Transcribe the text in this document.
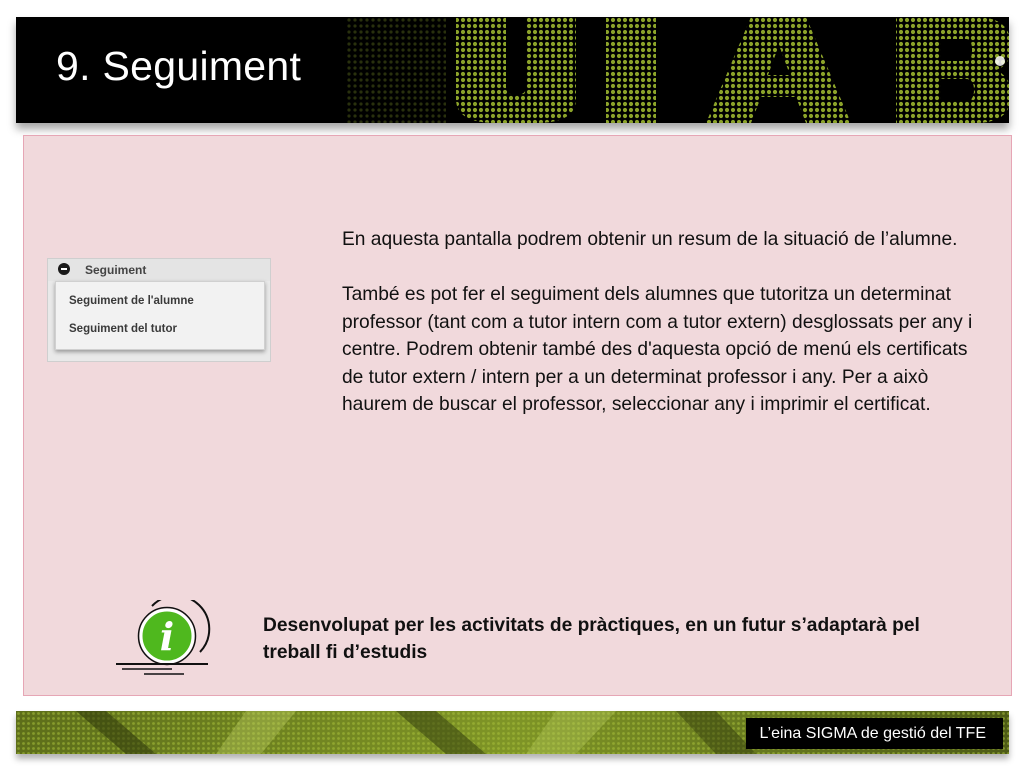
9. Seguiment
Seguiment
Seguiment de l'alumne
Seguiment del tutor

En aquesta pantalla podrem obtenir un resum de la situació de l’alumne.

També es pot fer el seguiment dels alumnes que tutoritza un determinat professor (tant com a tutor intern com a tutor extern) desglossats per any i centre. Podrem obtenir també des d'aquesta opció de menú els certificats de tutor extern / intern per a un determinat professor i any. Per a això haurem de buscar el professor, seleccionar any i imprimir el certificat.

i	Desenvolupat per les activitats de pràctiques, en un futur s’adaptarà pel treball fi d’estudis
L’eina SIGMA de gestió del TFE
